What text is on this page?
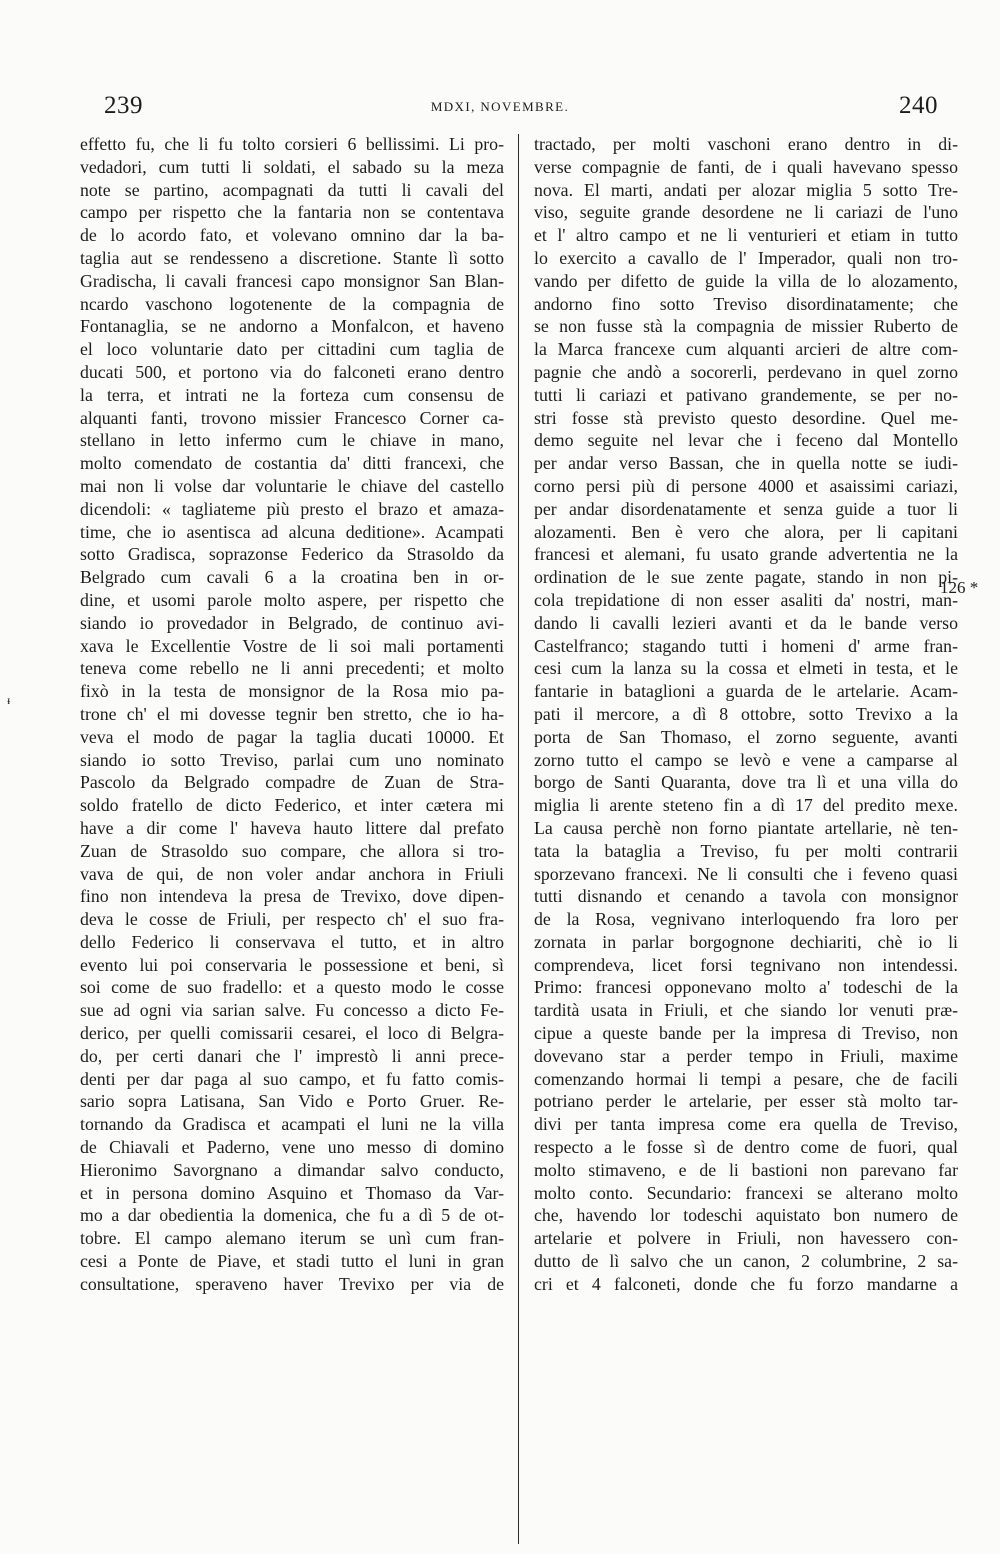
239	MDXI, NOVEMBRE.	240
effetto fu, che li fu tolto corsieri 6 bellissimi. Li pro-
vedadori, cum tutti li soldati, el sabado su la meza
note se partino, acompagnati da tutti li cavali del
campo per rispetto che la fantaria non se contentava
de lo acordo fato, et volevano omnino dar la ba-
taglia aut se rendesseno a discretione. Stante lì sotto
Gradischa, li cavali francesi capo monsignor San Blan-
ncardo vaschono logotenente de la compagnia de
Fontanaglia, se ne andorno a Monfalcon, et haveno
el loco voluntarie dato per cittadini cum taglia de
ducati 500, et portono via do falconeti erano dentro
la terra, et intrati ne la forteza cum consensu de
alquanti fanti, trovono missier Francesco Corner ca-
stellano in letto infermo cum le chiave in mano,
molto comendato de costantia da' ditti francexi, che
mai non li volse dar voluntarie le chiave del castello
dicendoli: « tagliateme più presto el brazo et amaza-
time, che io asentisca ad alcuna deditione». Acampati
sotto Gradisca, soprazonse Federico da Strasoldo da
Belgrado cum cavali 6 a la croatina ben in or-
dine, et usomi parole molto aspere, per rispetto che
siando io provedador in Belgrado, de continuo avi-
xava le Excellentie Vostre de li soi mali portamenti
teneva come rebello ne li anni precedenti; et molto
fixò in la testa de monsignor de la Rosa mio pa-
trone ch' el mi dovesse tegnir ben stretto, che io ha-
veva el modo de pagar la taglia ducati 10000. Et
siando io sotto Treviso, parlai cum uno nominato
Pascolo da Belgrado compadre de Zuan de Stra-
soldo fratello de dicto Federico, et inter cætera mi
have a dir come l' haveva hauto littere dal prefato
Zuan de Strasoldo suo compare, che allora si tro-
vava de qui, de non voler andar anchora in Friuli
fino non intendeva la presa de Trevixo, dove dipen-
deva le cosse de Friuli, per respecto ch' el suo fra-
dello Federico li conservava el tutto, et in altro
evento lui poi conservaria le possessione et beni, sì
soi come de suo fradello: et a questo modo le cosse
sue ad ogni via sarian salve. Fu concesso a dicto Fe-
derico, per quelli comissarii cesarei, el loco di Belgra-
do, per certi danari che l' imprestò li anni prece-
denti per dar paga al suo campo, et fu fatto comis-
sario sopra Latisana, San Vido e Porto Gruer. Re-
tornando da Gradisca et acampati el luni ne la villa
de Chiavali et Paderno, vene uno messo di domino
Hieronimo Savorgnano a dimandar salvo conducto,
et in persona domino Asquino et Thomaso da Var-
mo a dar obedientia la domenica, che fu a dì 5 de ot-
tobre. El campo alemano iterum se unì cum fran-
cesi a Ponte de Piave, et stadi tutto el luni in gran
consultatione, speraveno haver Trevixo per via de
tractado, per molti vaschoni erano dentro in di-
verse compagnie de fanti, de i quali havevano spesso
nova. El marti, andati per alozar miglia 5 sotto Tre-
viso, seguite grande desordene ne li cariazi de l'uno
et l' altro campo et ne li venturieri et etiam in tutto
lo exercito a cavallo de l' Imperador, quali non tro-
vando per difetto de guide la villa de lo alozamento,
andorno fino sotto Treviso disordinatamente; che
se non fusse stà la compagnia de missier Ruberto de
la Marca francexe cum alquanti arcieri de altre com-
pagnie che andò a socorerli, perdevano in quel zorno
tutti li cariazi et pativano grandemente, se per no-
stri fosse stà previsto questo desordine. Quel me-
demo seguite nel levar che i feceno dal Montello
per andar verso Bassan, che in quella notte se iudi-
corno persi più di persone 4000 et asaissimi cariazi,
per andar disordenatamente et senza guide a tuor li
alozamenti. Ben è vero che alora, per li capitani
francesi et alemani, fu usato grande advertentia ne la
ordination de le sue zente pagate, stando in non pi-
cola trepidatione di non esser asaliti da' nostri, man-
dando li cavalli lezieri avanti et da le bande verso
Castelfranco; stagando tutti i homeni d' arme fran-
cesi cum la lanza su la cossa et elmeti in testa, et le
fantarie in bataglioni a guarda de le artelarie. Acam-
pati il mercore, a dì 8 ottobre, sotto Trevixo a la
porta de San Thomaso, el zorno seguente, avanti
zorno tutto el campo se levò e vene a camparse al
borgo de Santi Quaranta, dove tra lì et una villa do
miglia li arente steteno fin a dì 17 del predito mexe.
La causa perchè non forno piantate artellarie, nè ten-
tata la bataglia a Treviso, fu per molti contrarii
sporzevano francexi. Ne li consulti che i feveno quasi
tutti disnando et cenando a tavola con monsignor
de la Rosa, vegnivano interloquendo fra loro per
zornata in parlar borgognone dechiariti, chè io li
comprendeva, licet forsi tegnivano non intendessi.
Primo: francesi opponevano molto a' todeschi de la
tardità usata in Friuli, et che siando lor venuti præ-
cipue a queste bande per la impresa di Treviso, non
dovevano star a perder tempo in Friuli, maxime
comenzando hormai li tempi a pesare, che de facili
potriano perder le artelarie, per esser stà molto tar-
divi per tanta impresa come era quella de Treviso,
respecto a le fosse sì de dentro come de fuori, qual
molto stimaveno, e de li bastioni non parevano far
molto conto. Secundario: francexi se alterano molto
che, havendo lor todeschi aquistato bon numero de
artelarie et polvere in Friuli, non havessero con-
dutto de lì salvo che un canon, 2 columbrine, 2 sa-
cri et 4 falconeti, donde che fu forzo mandarne a
126 *
ᵻ
